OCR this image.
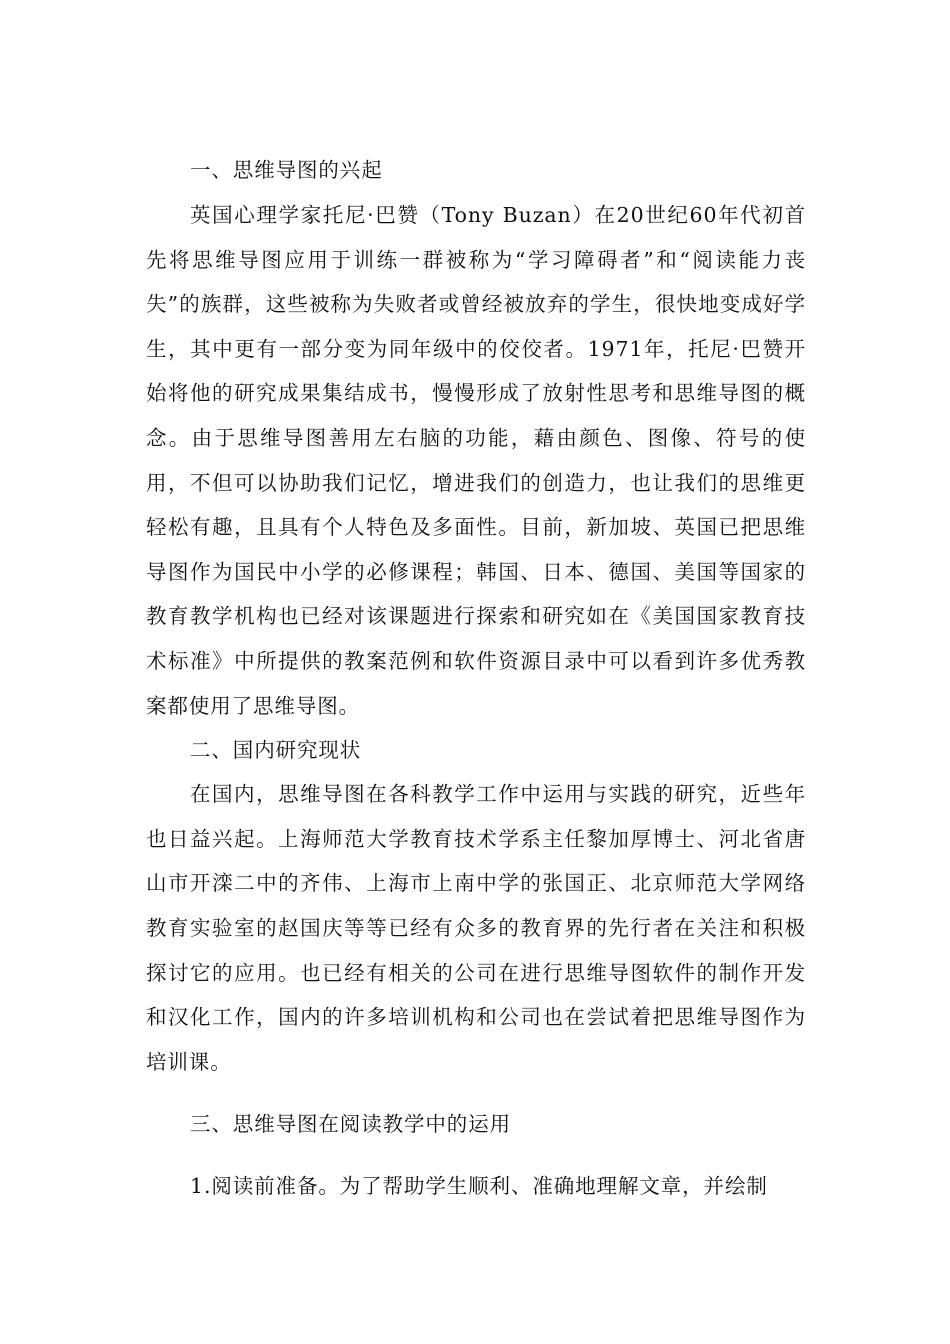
一、思维导图的兴起

英国心理学家托尼·巴赞（Tony Buzan）在20世纪60年代初首先将思维导图应用于训练一群被称为“学习障碍者”和“阅读能力丧失”的族群，这些被称为失败者或曾经被放弃的学生，很快地变成好学生，其中更有一部分变为同年级中的佼佼者。1971年，托尼·巴赞开始将他的研究成果集结成书，慢慢形成了放射性思考和思维导图的概念。由于思维导图善用左右脑的功能，藉由颜色、图像、符号的使用，不但可以协助我们记忆，增进我们的创造力，也让我们的思维更轻松有趣，且具有个人特色及多面性。目前，新加坡、英国已把思维导图作为国民中小学的必修课程；韩国、日本、德国、美国等国家的教育教学机构也已经对该课题进行探索和研究如在《美国国家教育技术标准》中所提供的教案范例和软件资源目录中可以看到许多优秀教案都使用了思维导图。

二、国内研究现状

在国内，思维导图在各科教学工作中运用与实践的研究，近些年也日益兴起。上海师范大学教育技术学系主任黎加厚博士、河北省唐山市开滦二中的齐伟、上海市上南中学的张国正、北京师范大学网络教育实验室的赵国庆等等已经有众多的教育界的先行者在关注和积极探讨它的应用。也已经有相关的公司在进行思维导图软件的制作开发和汉化工作，国内的许多培训机构和公司也在尝试着把思维导图作为培训课。

三、思维导图在阅读教学中的运用

1.阅读前准备。为了帮助学生顺利、准确地理解文章，并绘制
